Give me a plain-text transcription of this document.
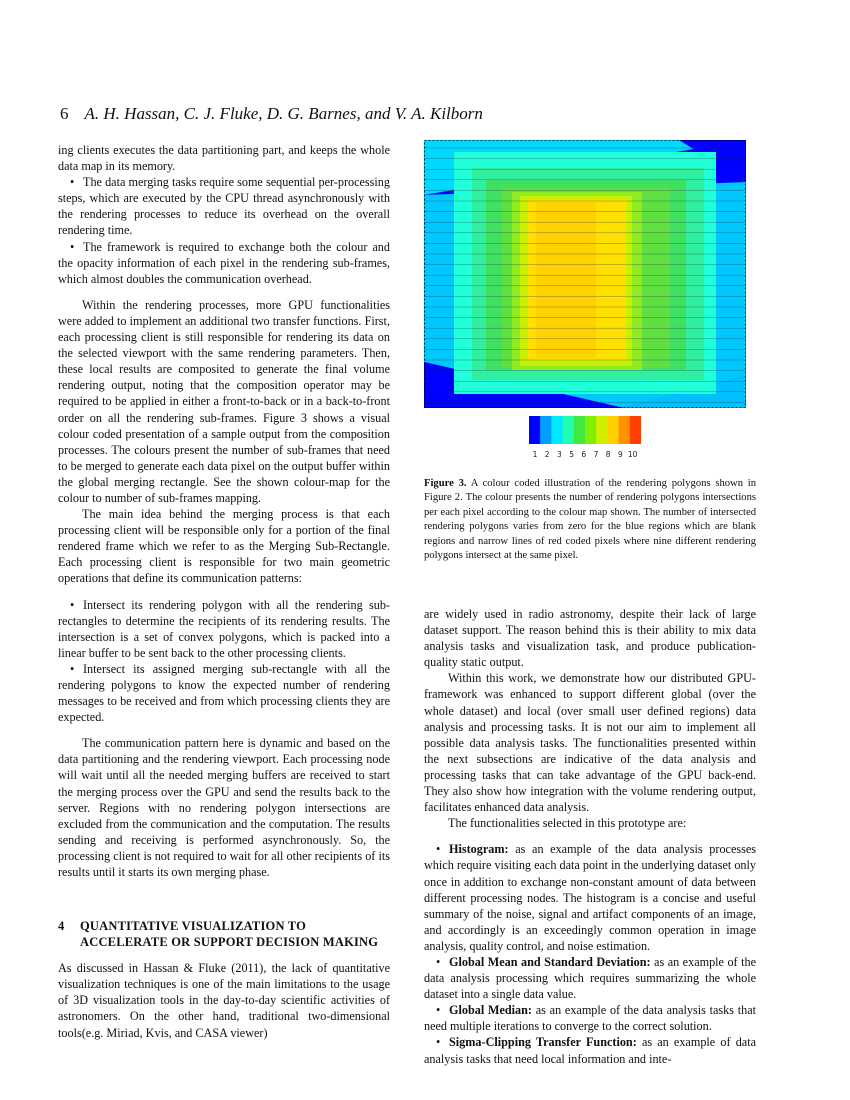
6 A. H. Hassan, C. J. Fluke, D. G. Barnes, and V. A. Kilborn

ing clients executes the data partitioning part, and keeps the whole data map in its memory.

• The data merging tasks require some sequential per-processing steps, which are executed by the CPU thread asynchronously with the rendering processes to reduce its overhead on the overall rendering time.

• The framework is required to exchange both the colour and the opacity information of each pixel in the rendering sub-frames, which almost doubles the communication overhead.

Within the rendering processes, more GPU functionalities were added to implement an additional two transfer functions. First, each processing client is still responsible for rendering its data on the selected viewport with the same rendering parameters. Then, these local results are composited to generate the final volume rendering output, noting that the composition operator may be required to be applied in either a front-to-back or in a back-to-front order on all the rendering sub-frames. Figure 3 shows a visual colour coded presentation of a sample output from the composition processes. The colours present the number of sub-frames that need to be merged to generate each data pixel on the output buffer within the global merging rectangle. See the shown colour-map for the colour to number of sub-frames mapping.

The main idea behind the merging process is that each processing client will be responsible only for a portion of the final rendered frame which we refer to as the Merging Sub-Rectangle. Each processing client is responsible for two main geometric operations that define its communication patterns:

• Intersect its rendering polygon with all the rendering sub-rectangles to determine the recipients of its rendering results. The intersection is a set of convex polygons, which is packed into a linear buffer to be sent back to the other processing clients.

• Intersect its assigned merging sub-rectangle with all the rendering polygons to know the expected number of rendering messages to be received and from which processing clients they are expected.

The communication pattern here is dynamic and based on the data partitioning and the rendering viewport. Each processing node will wait until all the needed merging buffers are received to start the merging process over the GPU and send the results back to the server. Regions with no rendering polygon intersections are excluded from the communication and the computation. The results sending and receiving is performed asynchronously. So, the processing client is not required to wait for all other recipients of its results until it starts its own merging phase.

4	QUANTITATIVE VISUALIZATION TO ACCELERATE OR SUPPORT DECISION MAKING

As discussed in Hassan & Fluke (2011), the lack of quantitative visualization techniques is one of the main limitations to the usage of 3D visualization tools in the day-to-day scientific activities of astronomers. On the other hand, traditional two-dimensional tools(e.g. Miriad, Kvis, and CASA viewer)

1 2 3 5 6 7 8 9 10
Figure 3. A colour coded illustration of the rendering polygons shown in Figure 2. The colour presents the number of rendering polygons intersections per each pixel according to the colour map shown. The number of intersected rendering polygons varies from zero for the blue regions which are blank regions and narrow lines of red coded pixels where nine different rendering polygons intersect at the same pixel.

are widely used in radio astronomy, despite their lack of large dataset support. The reason behind this is their ability to mix data analysis tasks and visualization task, and produce publication-quality static output.

Within this work, we demonstrate how our distributed GPU-framework was enhanced to support different global (over the whole dataset) and local (over small user defined regions) data analysis and processing tasks. It is not our aim to implement all possible data analysis tasks. The functionalities presented within the next subsections are indicative of the data analysis and processing tasks that can take advantage of the GPU back-end. They also show how integration with the volume rendering output, facilitates enhanced data analysis.

The functionalities selected in this prototype are:

• Histogram: as an example of the data analysis processes which require visiting each data point in the underlying dataset only once in addition to exchange non-constant amount of data between different processing nodes. The histogram is a concise and useful summary of the noise, signal and artifact components of an image, and accordingly is an exceedingly common operation in image analysis, quality control, and noise estimation.

• Global Mean and Standard Deviation: as an example of the data analysis processing which requires summarizing the whole dataset into a single data value.

• Global Median: as an example of the data analysis tasks that need multiple iterations to converge to the correct solution.

• Sigma-Clipping Transfer Function: as an example of data analysis tasks that need local information and inte-
